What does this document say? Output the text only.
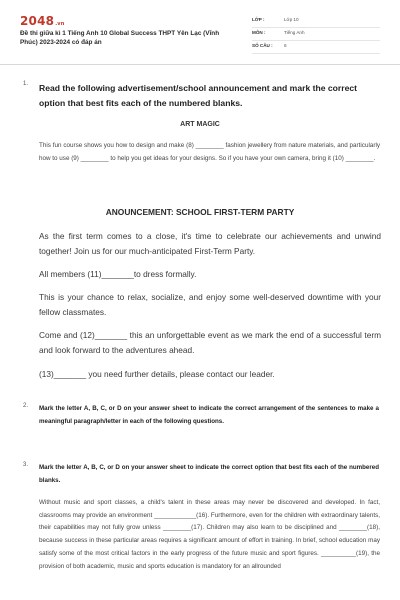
2048.vn
Đề thi giữa kì 1 Tiếng Anh 10 Global Success THPT Yên Lạc (Vĩnh Phúc) 2023-2024 có đáp án
LỚP :	Lớp 10
MÔN :	Tiếng Anh
SỐ CÂU : 6
1. Read the following advertisement/school announcement and mark the correct option that best fits each of the numbered blanks.
ART MAGIC
This fun course shows you how to design and make (8) ________ fashion jewellery from nature materials, and particularly how to use (9) ________ to help you get ideas for your designs. So if you have your own camera, bring it (10) ________.
ANOUNCEMENT: SCHOOL FIRST-TERM PARTY
As the first term comes to a close, it's time to celebrate our achievements and unwind together! Join us for our much-anticipated First-Term Party.
All members (11)_______to dress formally.
This is your chance to relax, socialize, and enjoy some well-deserved downtime with your fellow classmates.
Come and (12)_______ this an unforgettable event as we mark the end of a successful term and look forward to the adventures ahead.
(13)_______ you need further details, please contact our leader.
2. Mark the letter A, B, C, or D on your answer sheet to indicate the correct arrangement of the sentences to make a meaningful paragraph/letter in each of the following questions.
3. Mark the letter A, B, C, or D on your answer sheet to indicate the correct option that best fits each of the numbered blanks.
Without music and sport classes, a child's talent in these areas may never be discovered and developed. In fact, classrooms may provide an environment ____________(16). Furthermore, even for the children with extraordinary talents, their capabilities may not fully grow unless ________(17). Children may also learn to be disciplined and ________(18), because success in these particular areas requires a significant amount of effort in training. In brief, school education may satisfy some of the most critical factors in the early progress of the future music and sport figures. __________(19), the provision of both academic, music and sports education is mandatory for an allrounded
